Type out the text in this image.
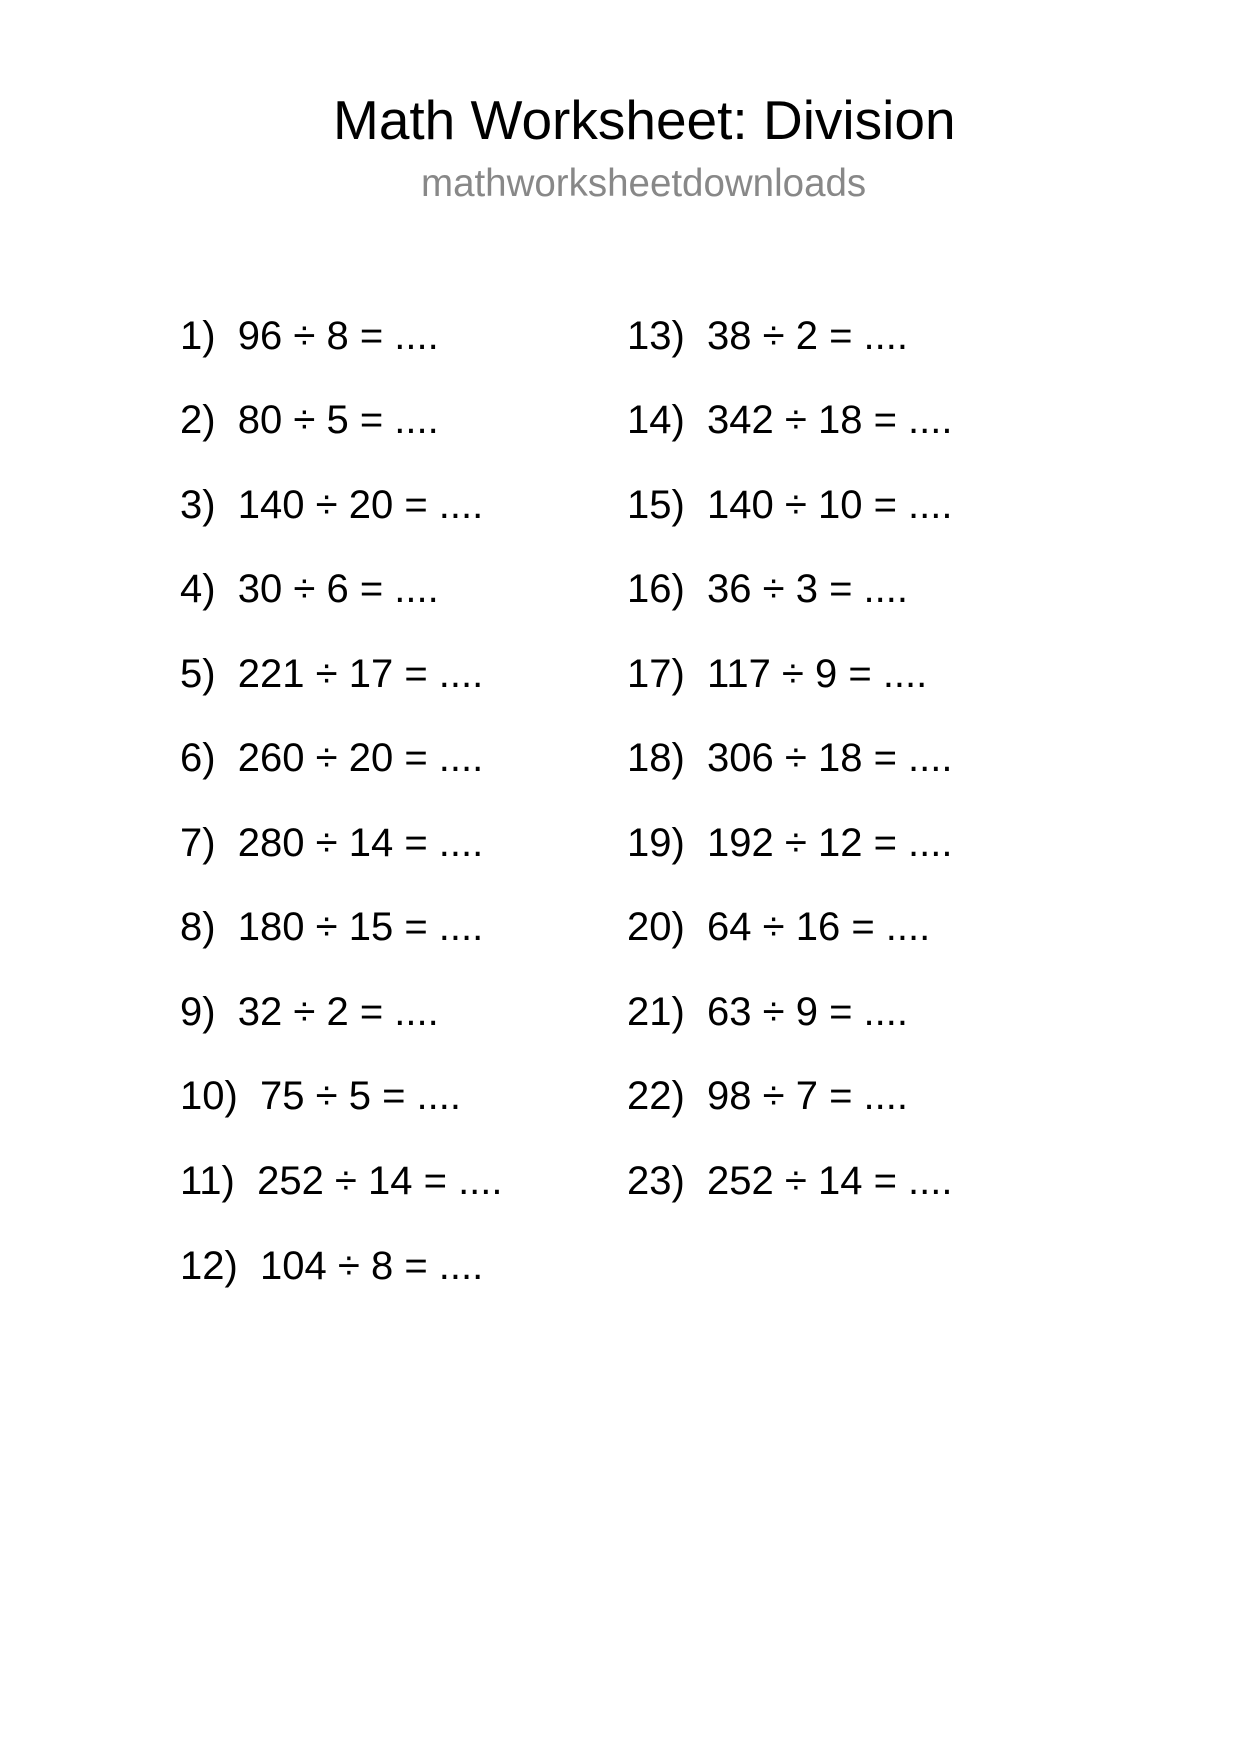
Math Worksheet: Division
mathworksheetdownloads
1)  96 ÷ 8 = ....
2)  80 ÷ 5 = ....
3)  140 ÷ 20 = ....
4)  30 ÷ 6 = ....
5)  221 ÷ 17 = ....
6)  260 ÷ 20 = ....
7)  280 ÷ 14 = ....
8)  180 ÷ 15 = ....
9)  32 ÷ 2 = ....
10)  75 ÷ 5 = ....
11)  252 ÷ 14 = ....
12)  104 ÷ 8 = ....
13)  38 ÷ 2 = ....
14)  342 ÷ 18 = ....
15)  140 ÷ 10 = ....
16)  36 ÷ 3 = ....
17)  117 ÷ 9 = ....
18)  306 ÷ 18 = ....
19)  192 ÷ 12 = ....
20)  64 ÷ 16 = ....
21)  63 ÷ 9 = ....
22)  98 ÷ 7 = ....
23)  252 ÷ 14 = ....
